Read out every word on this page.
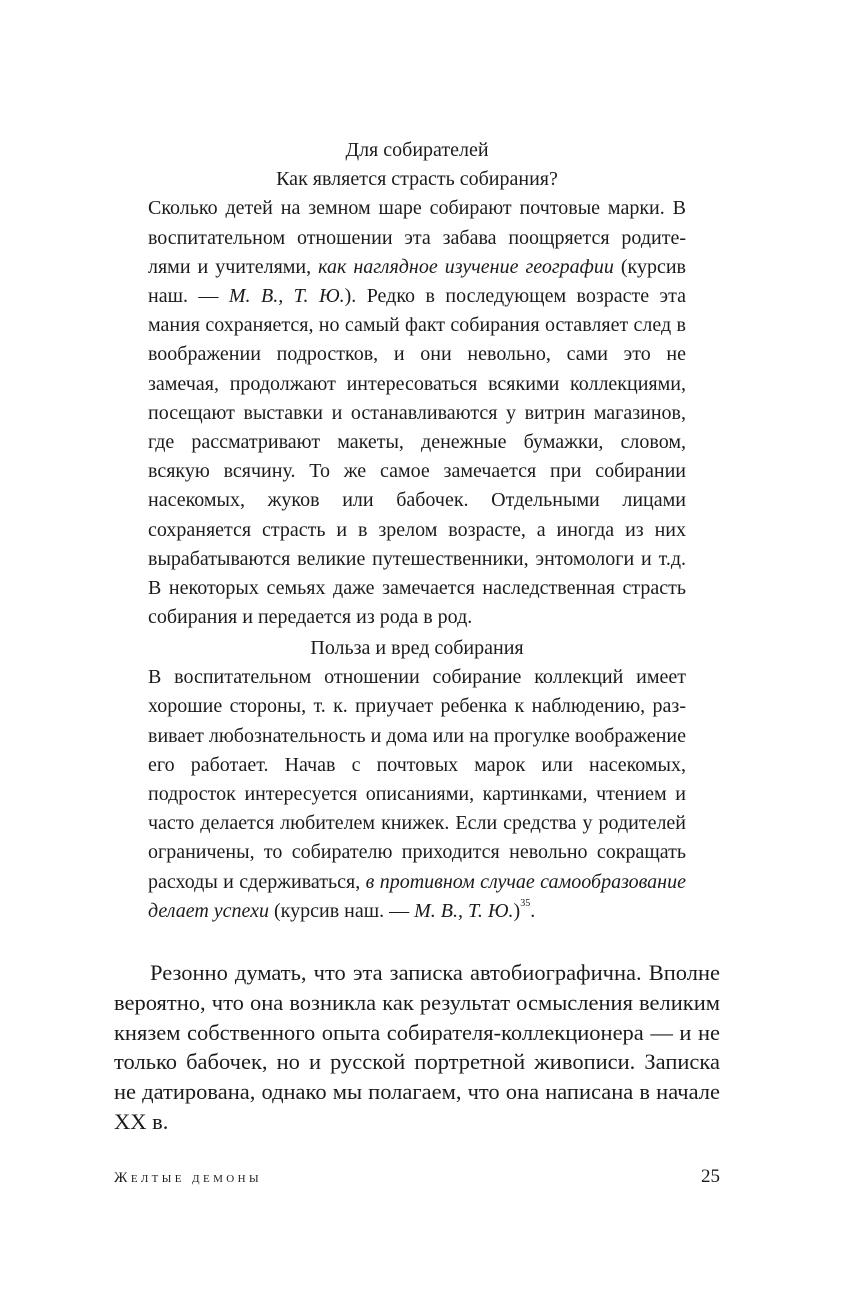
Для собирателей
Как является страсть собирания?

Сколько детей на земном шаре собирают почтовые марки. В воспитательном отношении эта забава поощряется родителями и учителями, как наглядное изучение географии (курсив наш. — М. В., Т. Ю.). Редко в последующем возрасте эта мания сохраняется, но самый факт собирания оставляет след в воображении подростков, и они невольно, сами это не замечая, продолжают интересоваться всякими коллекциями, посещают выставки и останавливаются у витрин магазинов, где рассматривают макеты, денежные бумажки, словом, всякую всячину. То же самое замечается при собирании насекомых, жуков или бабочек. Отдельными лицами сохраняется страсть и в зрелом возрасте, а иногда из них вырабатываются великие путешественники, энтомологи и т.д. В некоторых семьях даже замечается наследственная страсть собирания и передается из рода в род.

Польза и вред собирания

В воспитательном отношении собирание коллекций имеет хорошие стороны, т. к. приучает ребенка к наблюдению, развивает любознательность и дома или на прогулке воображение его работает. Начав с почтовых марок или насекомых, подросток интересуется описаниями, картинками, чтением и часто делается любителем книжек. Если средства у родителей ограничены, то собирателю приходится невольно сокращать расходы и сдерживаться, в противном случае самообразование делает успехи (курсив наш. — М. В., Т. Ю.)$^{35}$.

Резонно думать, что эта записка автобиографична. Вполне вероятно, что она возникла как результат осмысления великим князем собственного опыта собирателя-коллекционера — и не только бабочек, но и русской портретной живописи. Записка не датирована, однако мы полагаем, что она написана в начале XX в.

Желтые демоны	25
